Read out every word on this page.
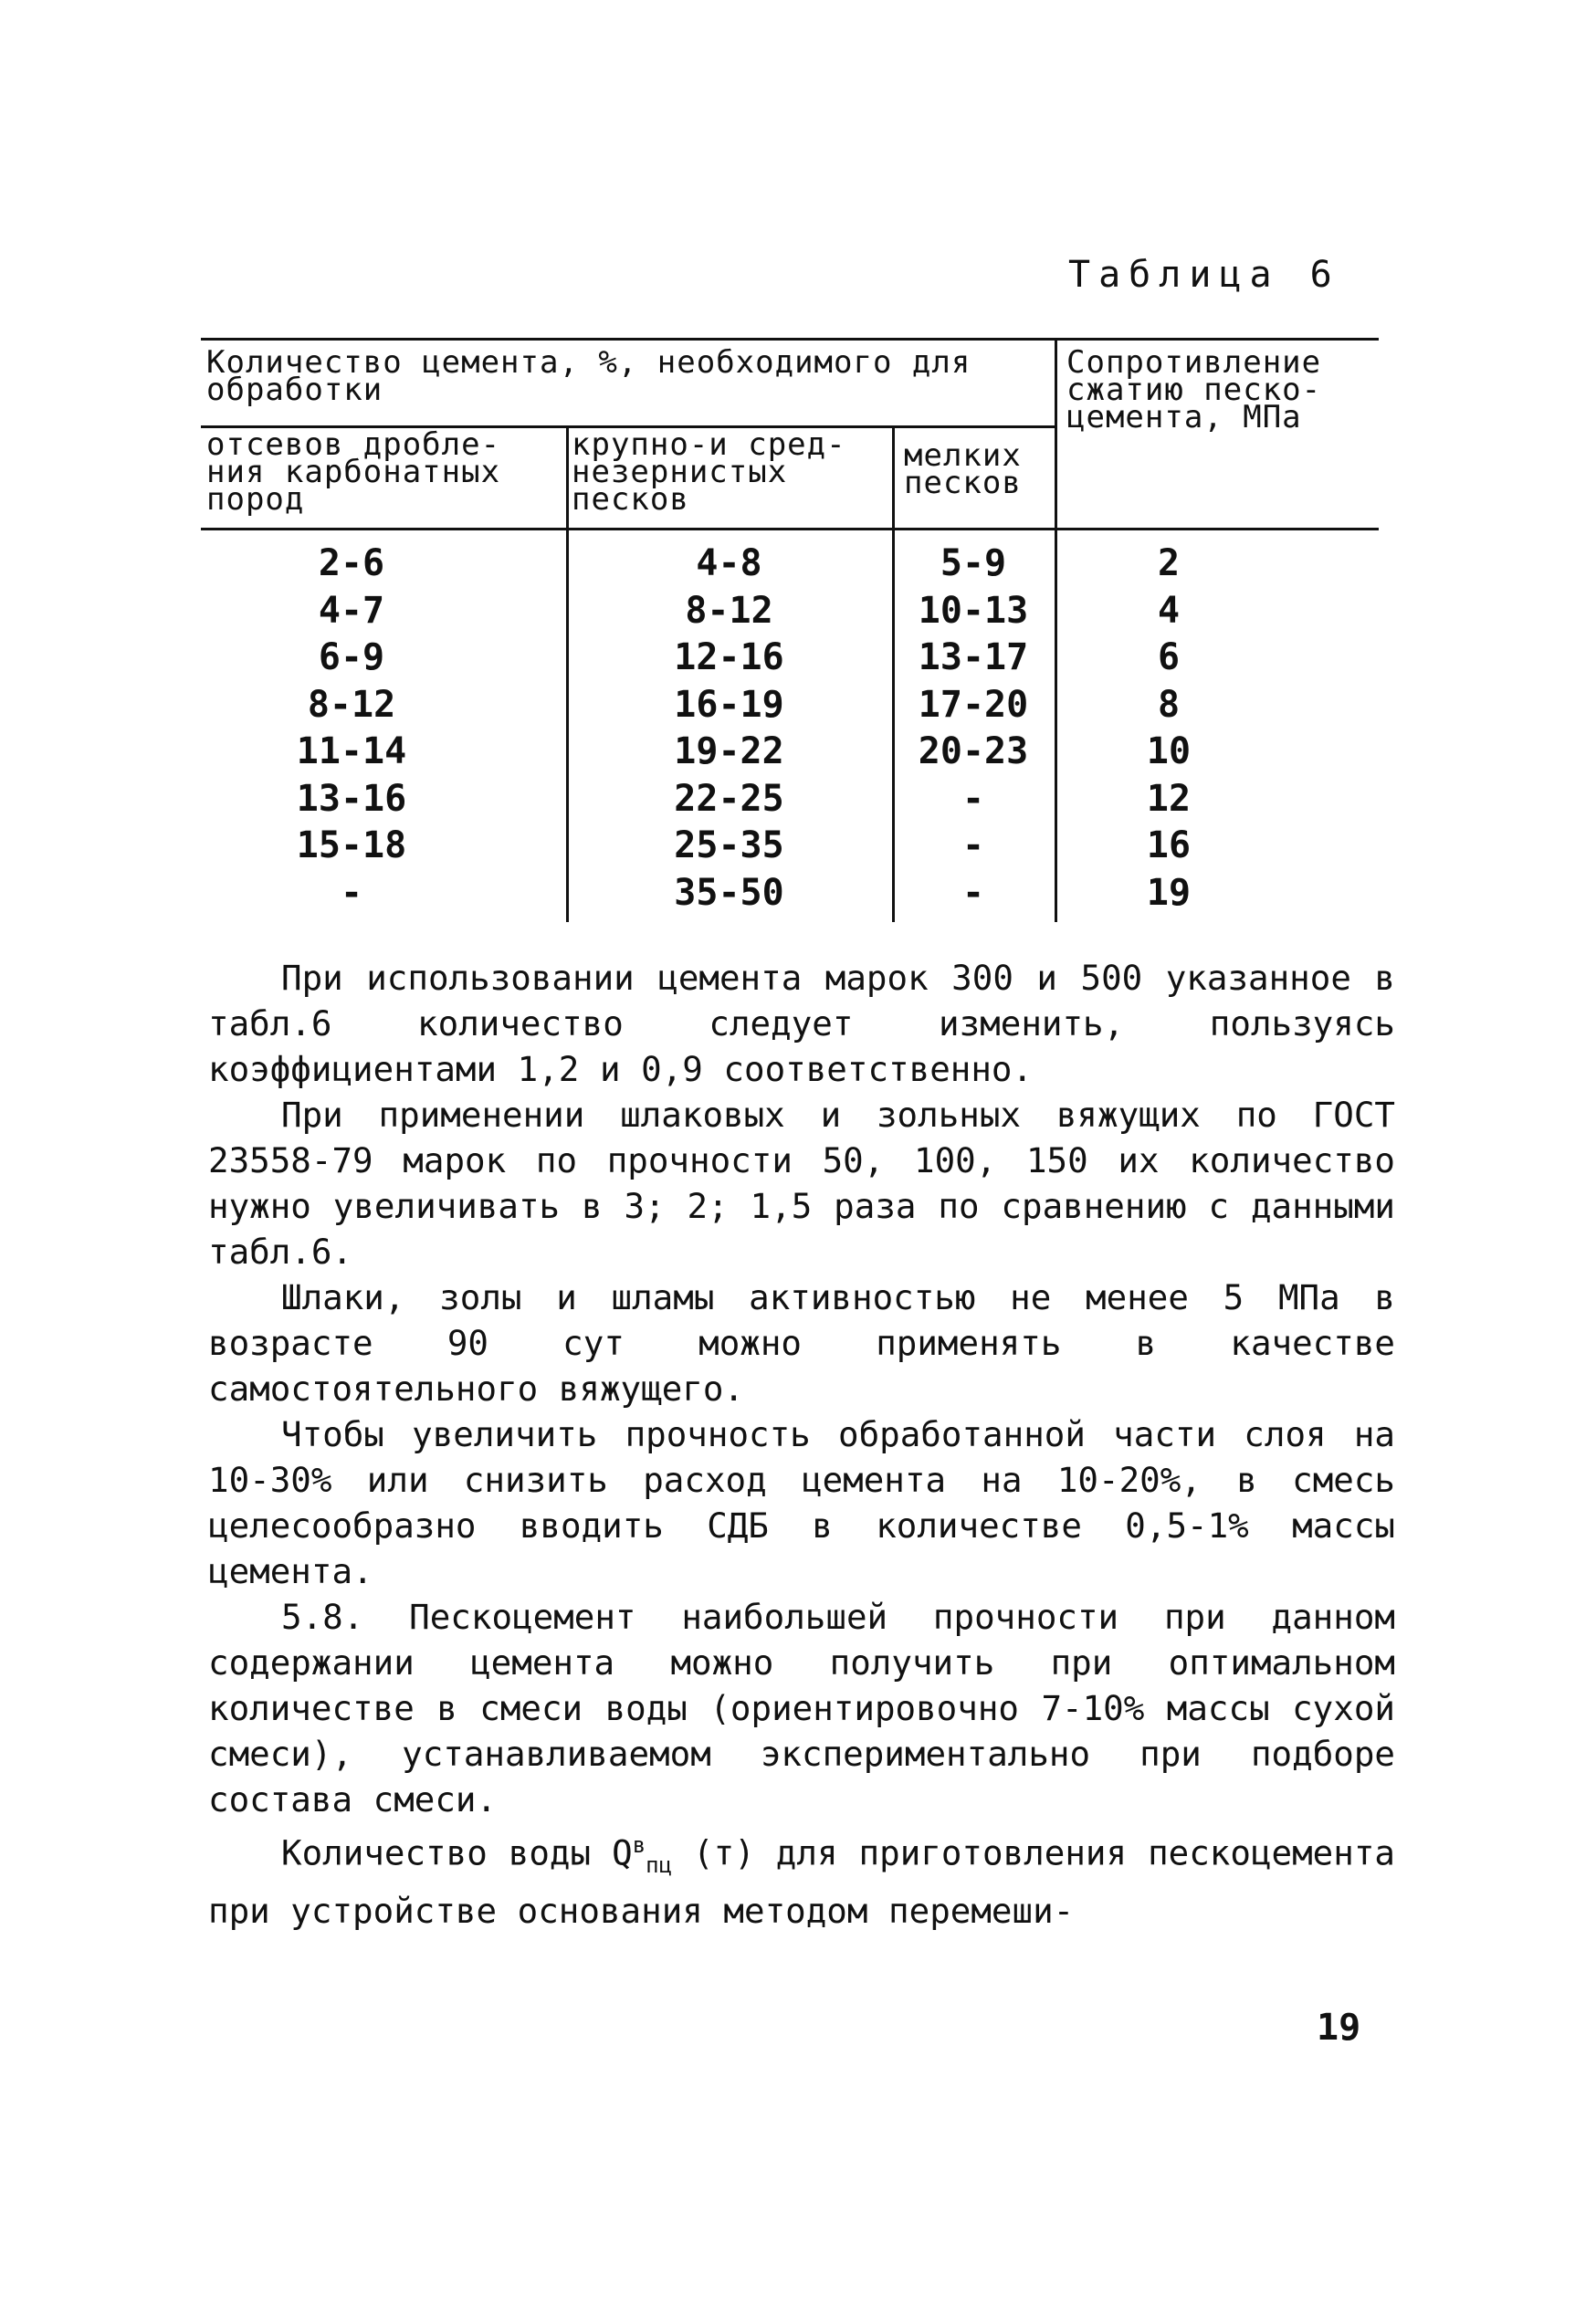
Таблица 6
Количество цемента, %, необходимого для обработки
отсевов дробле-
ния карбонатных
пород
крупно-и сред-
незернистых
песков
мелких
песков
Сопротивление
сжатию песко-
цемента, МПа
2-6
4-7
6-9
8-12
11-14
13-16
15-18
-
4-8
8-12
12-16
16-19
19-22
22-25
25-35
35-50
5-9
10-13
13-17
17-20
20-23
-
-
-
2
4
6
8
10
12
16
19

При использовании цемента марок 300 и 500 указанное в табл.6 количество следует изменить, пользуясь коэффициентами 1,2 и 0,9 соответственно.

При применении шлаковых и зольных вяжущих по ГОСТ 23558-79 марок по прочности 50, 100, 150 их количество нужно увеличивать в 3; 2; 1,5 раза по сравнению с данными табл.6.

Шлаки, золы и шламы активностью не менее 5 МПа в возрасте 90 сут можно применять в качестве самостоятельного вяжущего.

Чтобы увеличить прочность обработанной части слоя на 10-30% или снизить расход цемента на 10-20%, в смесь целесообразно вводить СДБ в количестве 0,5-1% массы цемента.

5.8. Пескоцемент наибольшей прочности при данном содержании цемента можно получить при оптимальном количестве в смеси воды (ориентировочно 7-10% массы сухой смеси), устанавливаемом экспериментально при подборе состава смеси.

Количество воды $Q^в_{пц}$ (т) для приготовления пескоцемента при устройстве основания методом перемеши-

19
